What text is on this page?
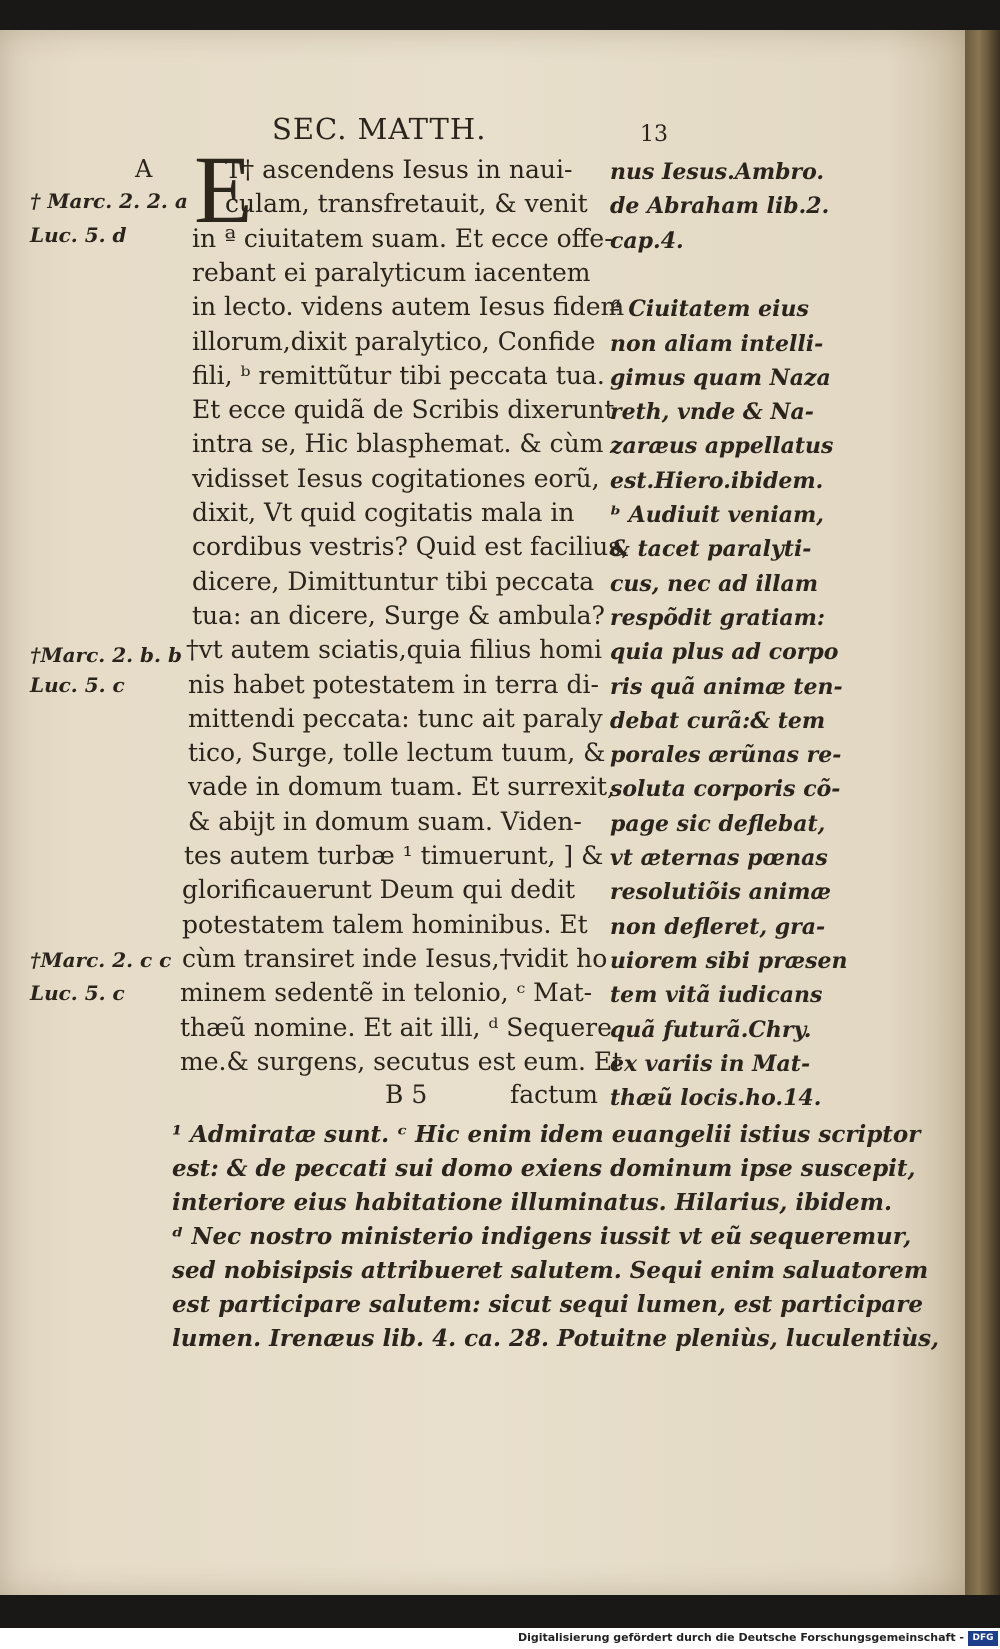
SEC. MATTH.	13
A E
T† ascendens Iesus in naui-
culam, transfretauit, & venit
in ª ciuitatem suam. Et ecce offe-
rebant ei paralyticum iacentem
in lecto. videns autem Iesus fidem
illorum,dixit paralytico, Confide
fili, ᵇ remittũtur tibi peccata tua.
Et ecce quidã de Scribis dixerunt
intra se, Hic blasphemat. & cùm
vidisset Iesus cogitationes eorũ,
dixit, Vt quid cogitatis mala in
cordibus vestris? Quid est facilius,
dicere, Dimittuntur tibi peccata
tua: an dicere, Surge & ambula?
†vt autem sciatis,quia filius homi
nis habet potestatem in terra di-
mittendi peccata: tunc ait paraly
tico, Surge, tolle lectum tuum, &
vade in domum tuam. Et surrexit,
& abijt in domum suam. Viden-
tes autem turbæ ¹ timuerunt, ] &
glorificauerunt Deum qui dedit
potestatem talem hominibus. Et
cùm transiret inde Iesus,†vidit ho
minem sedentẽ in telonio, ᶜ Mat-
thæũ nomine. Et ait illi, ᵈ Sequere
me.& surgens, secutus est eum. Et
nus Iesus.Ambro.
de Abraham lib.2.
cap.4.
ª Ciuitatem eius
non aliam intelli-
gimus quam Naza
reth, vnde & Na-
zaræus appellatus
est.Hiero.ibidem.
ᵇ Audiuit veniam,
& tacet paralyti-
cus, nec ad illam
respõdit gratiam:
quia plus ad corpo
ris quã animæ ten-
debat curã:& tem
porales ærũnas re-
soluta corporis cõ-
page sic deflebat,
vt æternas pœnas
resolutiõis animæ
non defleret, gra-
uiorem sibi præsen
tem vitã iudicans
quã futurã.Chry.
ex variis in Mat-
thæũ locis.ho.14.
† Marc. 2. 2. a
Luc. 5. d
†Marc. 2. b. b
Luc. 5. c
†Marc. 2. c c
Luc. 5. c
B 5	factum
¹ Admiratæ sunt. ᶜ Hic enim idem euangelii istius scriptor
est: & de peccati sui domo exiens dominum ipse suscepit,
interiore eius habitatione illuminatus. Hilarius, ibidem.
ᵈ Nec nostro ministerio indigens iussit vt eũ sequeremur,
sed nobisipsis attribueret salutem. Sequi enim saluatorem
est participare salutem: sicut sequi lumen, est participare
lumen. Irenæus lib. 4. ca. 28. Potuitne pleniùs, luculentiùs,
Digitalisierung gefördert durch die Deutsche Forschungsgemeinschaft - DFG
